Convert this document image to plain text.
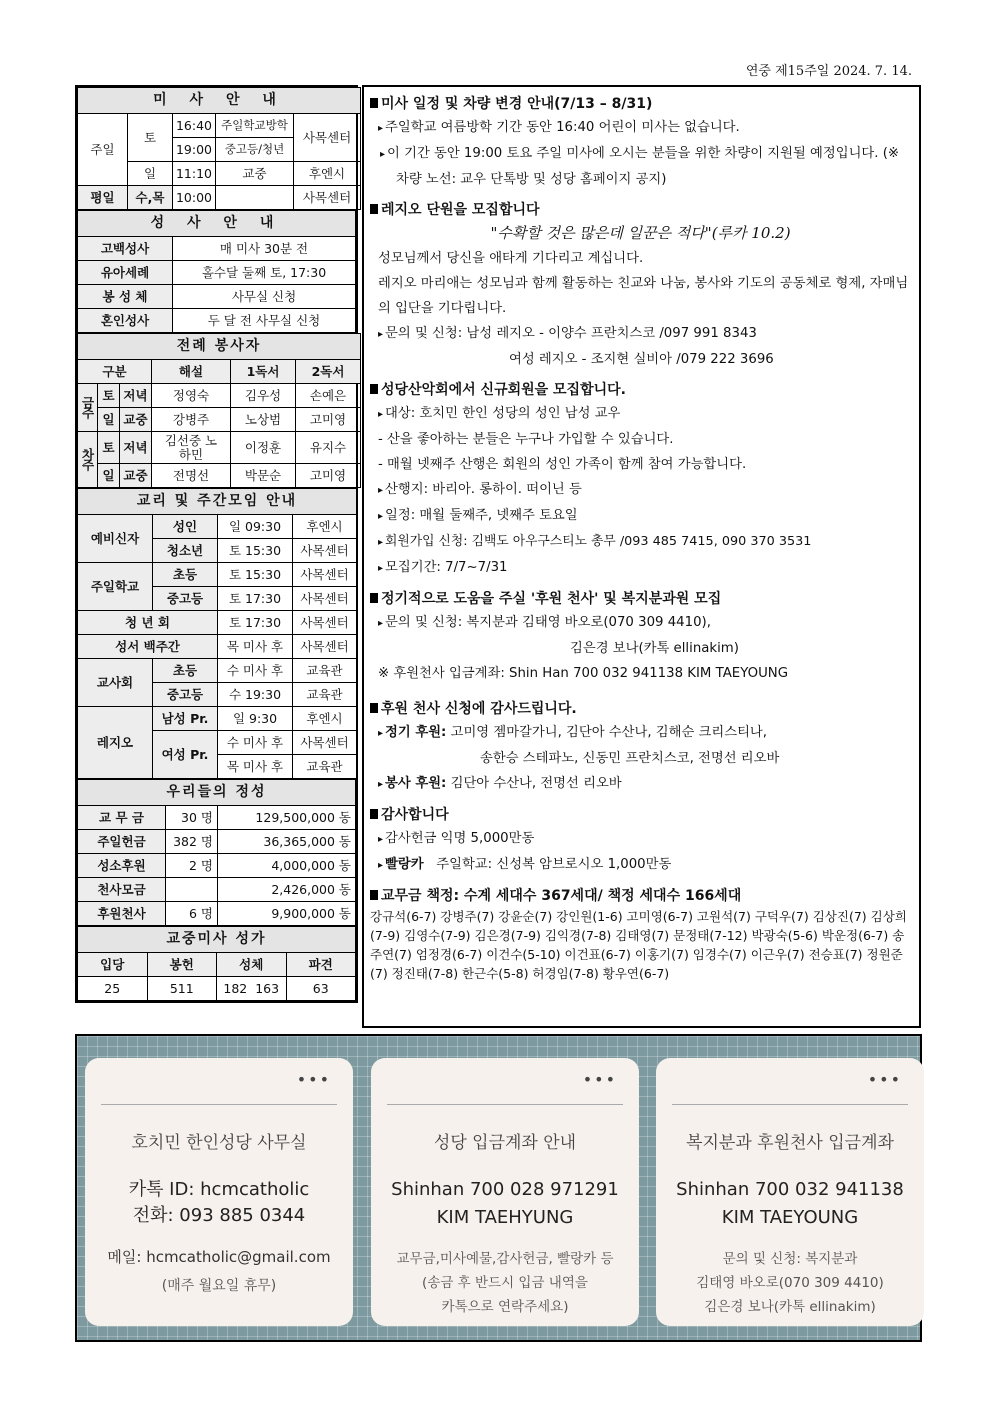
연중 제15주일 2024. 7. 14.
미 사 안 내				
주일	토	16:40	주일학교방학	사목센터
		19:00	중고등/청년	
	일	11:10	교중	후엔시
평일	수,목	10:00		사목센터
성 사 안 내	
고백성사	매 미사 30분 전
유아세례	홀수달 둘째 토, 17:30
봉 성 체	사무실 신청
혼인성사	두 달 전 사무실 신청
전례 봉사자					
구분			해설	1독서	2독서
금주	토	저녁	정영숙	김우성	손예은
	일	교중	강병주	노상범	고미영
차주	토	저녁	김선중 노하민	이정훈	유지수
	일	교중	전명선	박문순	고미영
교리 및 주간모임 안내			
예비신자	성인	일 09:30	후엔시
	청소년	토 15:30	사목센터
주일학교	초등	토 15:30	사목센터
	중고등	토 17:30	사목센터
청 년 회		토 17:30	사목센터
성서 백주간		목 미사 후	사목센터
교사회	초등	수 미사 후	교육관
	중고등	수 19:30	교육관
레지오	남성 Pr.	일 9:30	후엔시
	여성 Pr.	수 미사 후	사목센터
		목 미사 후	교육관
우리들의 정성		
교 무 금	30 명	129,500,000 동
주일헌금	382 명	36,365,000 동
성소후원	2 명	4,000,000 동
천사모금		2,426,000 동
후원천사	6 명	9,900,000 동
교중미사 성가			
입당	봉헌	성체	파견
25	511	182  163	63
미사 일정 및 차량 변경 안내(7/13 – 8/31)
▸ 주일학교 여름방학 기간 동안 16:40 어린이 미사는 없습니다.
▸ 이 기간 동안 19:00 토요 주일 미사에 오시는 분들을 위한 차량이 지원될 예정입니다. (※ 차량 노선: 교우 단톡방 및 성당 홈페이지 공지)
레지오 단원을 모집합니다
"수확할 것은 많은데 일꾼은 적다"(루카 10.2)
성모님께서 당신을 애타게 기다리고 계십니다.
레지오 마리애는 성모님과 함께 활동하는 친교와 나눔, 봉사와 기도의 공동체로 형제, 자매님의 입단을 기다립니다.
▸ 문의 및 신청: 남성 레지오 - 이양수 프란치스코 /097 991 8343
여성 레지오 - 조지현 실비아 /079 222 3696
성당산악회에서 신규회원을 모집합니다.
▸ 대상: 호치민 한인 성당의 성인 남성 교우
- 산을 좋아하는 분들은 누구나 가입할 수 있습니다.
- 매월 넷째주 산행은 회원의 성인 가족이 함께 참여 가능합니다.
▸ 산행지: 바리아. 롱하이. 떠이닌 등
▸ 일정: 매월 둘째주, 넷째주 토요일
▸ 회원가입 신청: 김백도 아우구스티노 총무 /093 485 7415, 090 370 3531
▸ 모집기간: 7/7~7/31
정기적으로 도움을 주실 '후원 천사' 및 복지분과원 모집
▸ 문의 및 신청: 복지분과 김태영 바오로(070 309 4410),
김은경 보나(카톡 ellinakim)
※ 후원천사 입금계좌: Shin Han 700 032 941138 KIM TAEYOUNG
후원 천사 신청에 감사드립니다.
▸ 정기 후원: 고미영 젬마갈가니, 김단아 수산나, 김해순 크리스티나,
송한승 스테파노, 신동민 프란치스코, 전명선 리오바
▸ 봉사 후원: 김단아 수산나, 전명선 리오바
감사합니다
▸ 감사헌금 익명 5,000만동
▸ 빨랑카 주일학교: 신성복 암브로시오 1,000만동
교무금 책정: 수계 세대수 367세대/ 책정 세대수 166세대
강규석(6-7) 강병주(7) 강윤순(7) 강인원(1-6) 고미영(6-7) 고원석(7) 구덕우(7) 김상진(7) 김상희(7-9) 김영수(7-9) 김은경(7-9) 김익경(7-8) 김태영(7) 문정태(7-12) 박광숙(5-6) 박운정(6-7) 송주연(7) 엄정경(6-7) 이건수(5-10) 이건표(6-7) 이홍기(7) 임경수(7) 이근우(7) 전승표(7) 정원준(7) 정진태(7-8) 한근수(5-8) 허경임(7-8) 황우연(6-7)
•••
호치민 한인성당 사무실
카톡 ID: hcmcatholic
전화: 093 885 0344
메일: hcmcatholic@gmail.com
(매주 월요일 휴무)
•••
성당 입금계좌 안내
Shinhan 700 028 971291
KIM TAEHYUNG
교무금,미사예물,감사헌금, 빨랑카 등
(송금 후 반드시 입금 내역을
카톡으로 연락주세요)
•••
복지분과 후원천사 입금계좌
Shinhan 700 032 941138
KIM TAEYOUNG
문의 및 신청: 복지분과
김태영 바오로(070 309 4410)
김은경 보나(카톡 ellinakim)
